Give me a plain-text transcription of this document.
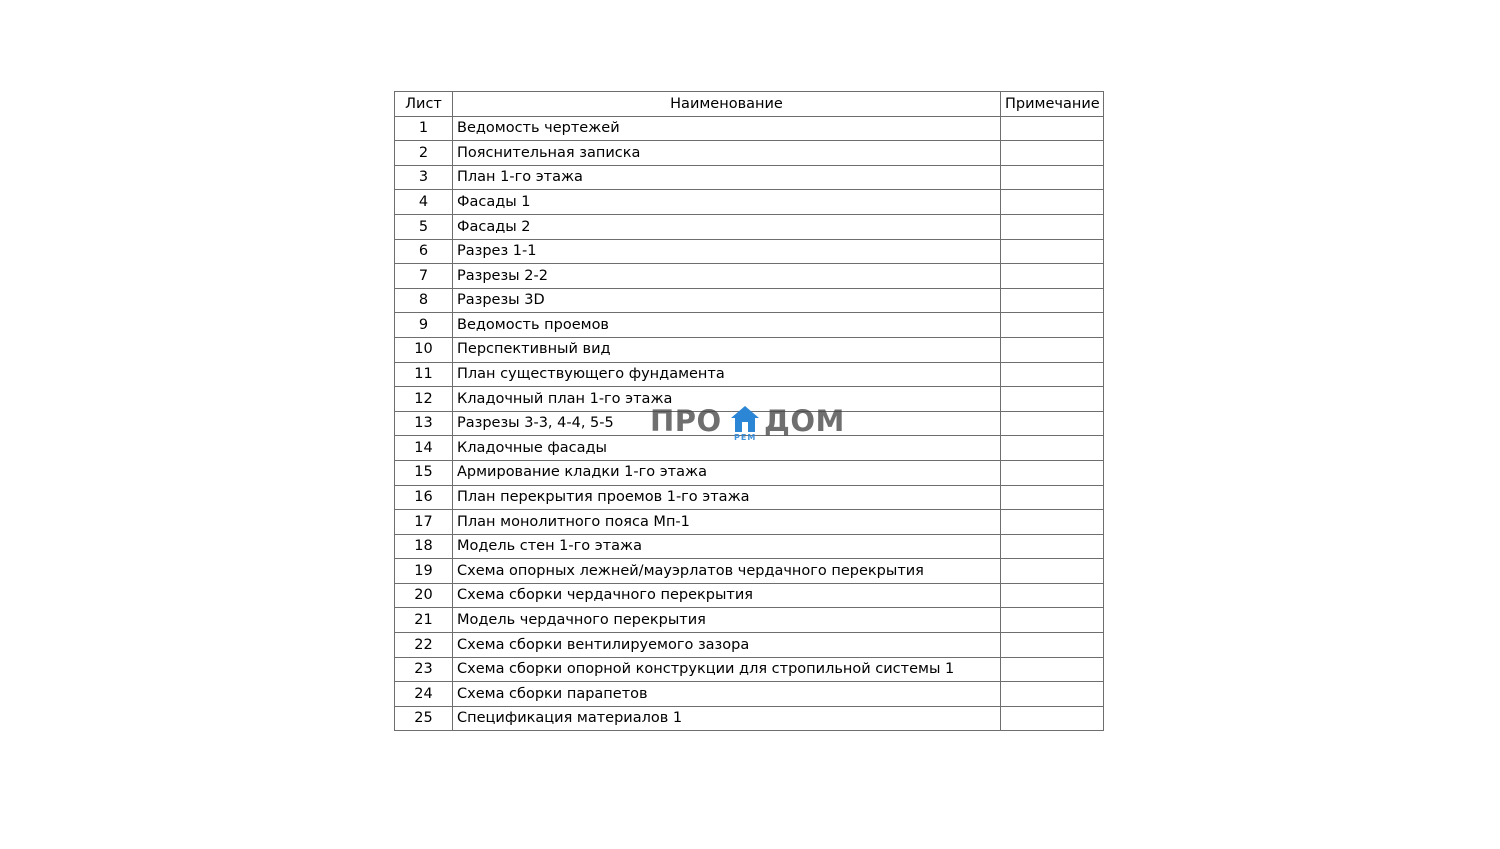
Лист	Наименование	Примечание
1	Ведомость чертежей	
2	Пояснительная записка	
3	План 1-го этажа	
4	Фасады 1	
5	Фасады 2	
6	Разрез 1-1	
7	Разрезы 2-2	
8	Разрезы 3D	
9	Ведомость проемов	
10	Перспективный вид	
11	План существующего фундамента	
12	Кладочный план 1-го этажа	
13	Разрезы 3-3, 4-4, 5-5	
14	Кладочные фасады	
15	Армирование кладки 1-го этажа	
16	План перекрытия проемов 1-го этажа	
17	План монолитного пояса Мп-1	
18	Модель стен 1-го этажа	
19	Схема опорных лежней/мауэрлатов чердачного перекрытия	
20	Схема сборки чердачного перекрытия	
21	Модель чердачного перекрытия	
22	Схема сборки вентилируемого зазора	
23	Схема сборки опорной конструкции для стропильной системы 1	
24	Схема сборки парапетов	
25	Спецификация материалов 1	
ПРО РЕМ ДОМ
